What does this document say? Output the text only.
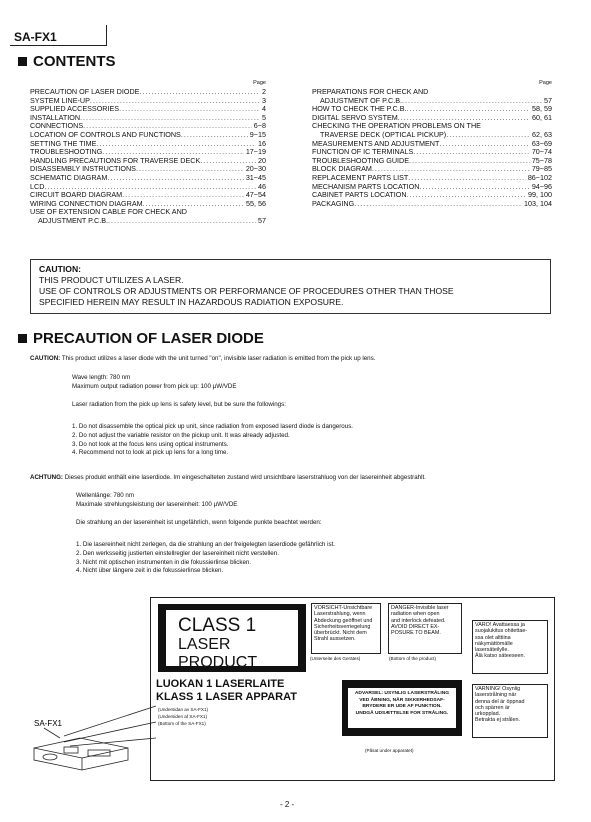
SA-FX1
CONTENTS
Page	Page
PRECAUTION OF LASER DIODE .....	2
SYSTEM LINE-UP .....	3
SUPPLIED ACCESSORIES .....	4
INSTALLATION .....	5
CONNECTIONS .....	6~8
LOCATION OF CONTROLS AND FUNCTIONS .....	9~15
SETTING THE TIME .....	16
TROUBLESHOOTING .....	17~19
HANDLING PRECAUTIONS FOR TRAVERSE DECK .....	20
DISASSEMBLY INSTRUCTIONS .....	20~30
SCHEMATIC DIAGRAM .....	31~45
LCD .....	46
CIRCUIT BOARD DIAGRAM .....	47~54
WIRING CONNECTION DIAGRAM .....	55, 56
USE OF EXTENSION CABLE FOR CHECK AND
ADJUSTMENT P.C.B. .....	57
PREPARATIONS FOR CHECK AND
ADJUSTMENT OF P.C.B. .....	57
HOW TO CHECK THE P.C.B. .....	58, 59
DIGITAL SERVO SYSTEM .....	60, 61
CHECKING THE OPERATION PROBLEMS ON THE
TRAVERSE DECK (OPTICAL PICKUP) .....	62, 63
MEASUREMENTS AND ADJUSTMENT .....	63~69
FUNCTION OF IC TERMINALS .....	70~74
TROUBLESHOOTING GUIDE .....	75~78
BLOCK DIAGRAM .....	79~85
REPLACEMENT PARTS LIST .....	86~102
MECHANISM PARTS LOCATION .....	94~96
CABINET PARTS LOCATION .....	99, 100
PACKAGING .....	103, 104
CAUTION:
THIS PRODUCT UTILIZES A LASER.
USE OF CONTROLS OR ADJUSTMENTS OR PERFORMANCE OF PROCEDURES OTHER THAN THOSE
SPECIFIED HEREIN MAY RESULT IN HAZARDOUS RADIATION EXPOSURE.
PRECAUTION OF LASER DIODE
CAUTION: This product utilizes a laser diode with the unit turned "on", invisible laser radiation is emitted from the pick up lens.
Wave length: 780 nm
Maximum output radiation power from pick up: 100 µW/VDE
Laser radiation from the pick up lens is safety level, but be sure the followings:
1. Do not disassemble the optical pick up unit, since radiation from exposed laserd diode is dangerous.
2. Do not adjust the variable resistor on the pickup unit. It was already adjusted.
3. Do not look at the focus lens using optical instruments.
4. Recommend not to look at pick up lens for a long time.
ACHTUNG: Dieses produkt enthält eine laserdiode. Im eingeschalteten zustand wird unsichtbare laserstrahluog von der lasereinheit abgestrahlt.
Wellenlänge: 780 nm
Maximale strehlungsleistung der lasereinheit: 100 µW/VDE
Die strahlung an der lasereinheit ist ungefährlich, wenn folgende punkte beachtet werden:
1. Die lasereinheit nicht zerlegen, da die strahlung an der freigelegten laserdiode gefährlich ist.
2. Den werksseitig justierten einstellregler der lasereinheit nicht verstellen.
3. Nicht mit optischen instrumenten in die fokussierlinse blicken.
4. Nicht über längere zeit in die fokussierlinse blicken.
CLASS 1
LASER PRODUCT
VORSICHT-Unsichtbare
Laserstrahlung, wenn
Abdeckung geöffnet und
Sicherheitsverriegelung
überbrückt. Nicht dem
Strahl aussetzen.
(Unterseite des Gerätes)
DANGER-Invisible laser
radiation when open
and interlock defeated.
AVOID DIRECT EX-
POSURE TO BEAM.
(Bottom of the product)
VARO! Avattaessa ja
suojalukitus ohitettae-
ssa olet alttiina
näkymättömälle
lasersäteilylle.
Älä katso säteeseen.
LUOKAN 1 LASERLAITE
KLASS 1 LASER APPARAT
(Undersidan av SA-FX1)
(Undersiden af SA-FX1)
(Bottom of the SA-FX1)
ADVARSEL: USYNLIG LASERSTRÅLING
VED ÅBNING, NÅR SIKKERHEDSAF-
BRYDERE ER UDE AF FUNKTION.
UNDGÅ UDSÆTTELSE FOR STRÅLING.
(Påsat under apparatet)
VARNING! Osynlig
laserstrålning när
denna del är öppnad
och spärren är
urkopplad.
Betrakta ej strålen.
SA-FX1
- 2 -
